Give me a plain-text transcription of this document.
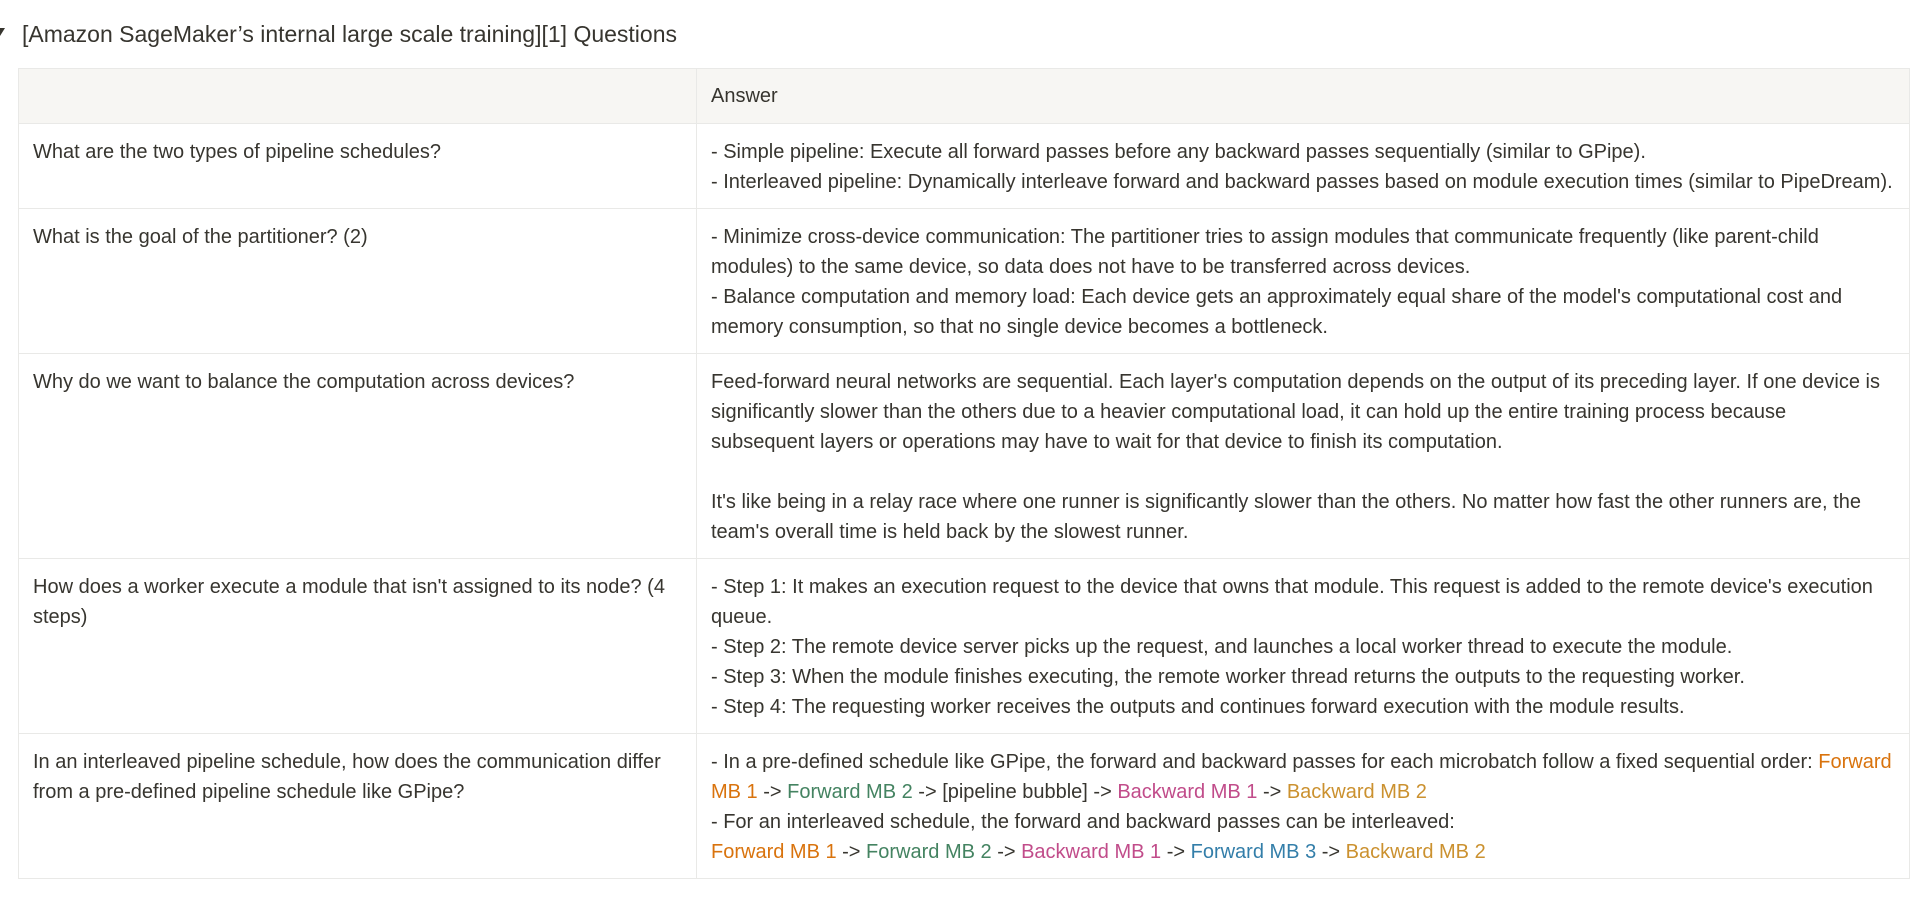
[Amazon SageMaker’s internal large scale training][1] Questions
	Answer
What are the two types of pipeline schedules?	- Simple pipeline: Execute all forward passes before any backward passes sequentially (similar to GPipe).
- Interleaved pipeline: Dynamically interleave forward and backward passes based on module execution times (similar to PipeDream).

What is the goal of the partitioner? (2)	- Minimize cross-device communication: The partitioner tries to assign modules that communicate frequently (like parent-child modules) to the same device, so data does not have to be transferred across devices.
- Balance computation and memory load: Each device gets an approximately equal share of the model's computational cost and memory consumption, so that no single device becomes a bottleneck.

Why do we want to balance the computation across devices?	Feed-forward neural networks are sequential. Each layer's computation depends on the output of its preceding layer. If one device is significantly slower than the others due to a heavier computational load, it can hold up the entire training process because subsequent layers or operations may have to wait for that device to finish its computation.
It's like being in a relay race where one runner is significantly slower than the others. No matter how fast the other runners are, the team's overall time is held back by the slowest runner.

How does a worker execute a module that isn't assigned to its node? (4 steps)	- Step 1: It makes an execution request to the device that owns that module. This request is added to the remote device's execution queue.
- Step 2: The remote device server picks up the request, and launches a local worker thread to execute the module.
- Step 3: When the module finishes executing, the remote worker thread returns the outputs to the requesting worker.
- Step 4: The requesting worker receives the outputs and continues forward execution with the module results.

In an interleaved pipeline schedule, how does the communication differ from a pre-defined pipeline schedule like GPipe?	- In a pre-defined schedule like GPipe, the forward and backward passes for each microbatch follow a fixed sequential order: Forward MB 1 -> Forward MB 2 -> [pipeline bubble] -> Backward MB 1 -> Backward MB 2
- For an interleaved schedule, the forward and backward passes can be interleaved:
Forward MB 1 -> Forward MB 2 -> Backward MB 1 -> Forward MB 3 -> Backward MB 2
